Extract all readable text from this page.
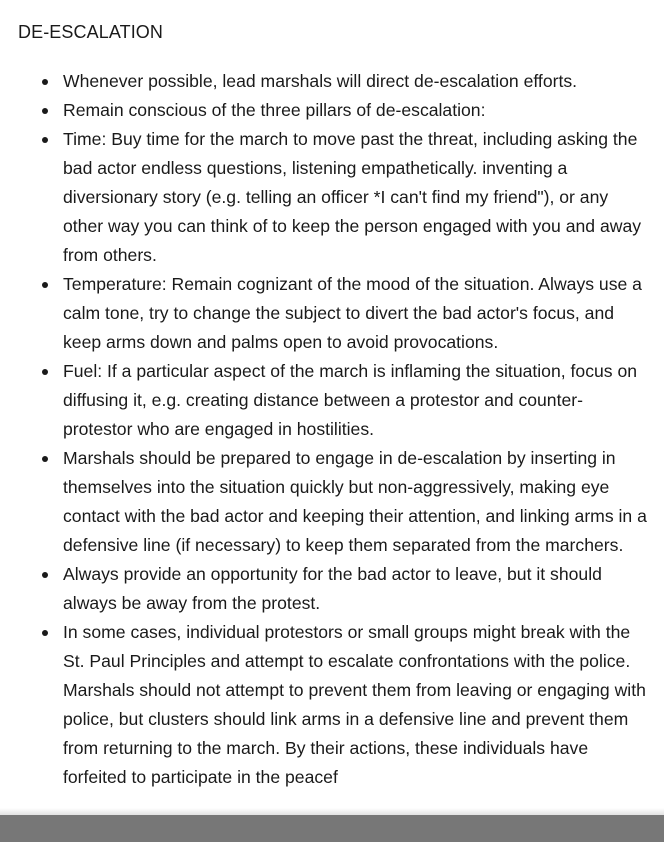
DE-ESCALATION
Whenever possible, lead marshals will direct de-escalation efforts.
Remain conscious of the three pillars of de-escalation:
Time: Buy time for the march to move past the threat, including asking the bad actor endless questions, listening empathetically. inventing a diversionary story (e.g. telling an officer *I can't find my friend"), or any other way you can think of to keep the person engaged with you and away from others.
Temperature: Remain cognizant of the mood of the situation. Always use a calm tone, try to change the subject to divert the bad actor's focus, and keep arms down and palms open to avoid provocations.
Fuel: If a particular aspect of the march is inflaming the situation, focus on diffusing it, e.g. creating distance between a protestor and counter-protestor who are engaged in hostilities.
Marshals should be prepared to engage in de-escalation by inserting in themselves into the situation quickly but non-aggressively, making eye contact with the bad actor and keeping their attention, and linking arms in a defensive line (if necessary) to keep them separated from the marchers.
Always provide an opportunity for the bad actor to leave, but it should always be away from the protest.
In some cases, individual protestors or small groups might break with the St. Paul Principles and attempt to escalate confrontations with the police. Marshals should not attempt to prevent them from leaving or engaging with police, but clusters should link arms in a defensive line and prevent them from returning to the march. By their actions, these individuals have forfeited to participate in the peacef
